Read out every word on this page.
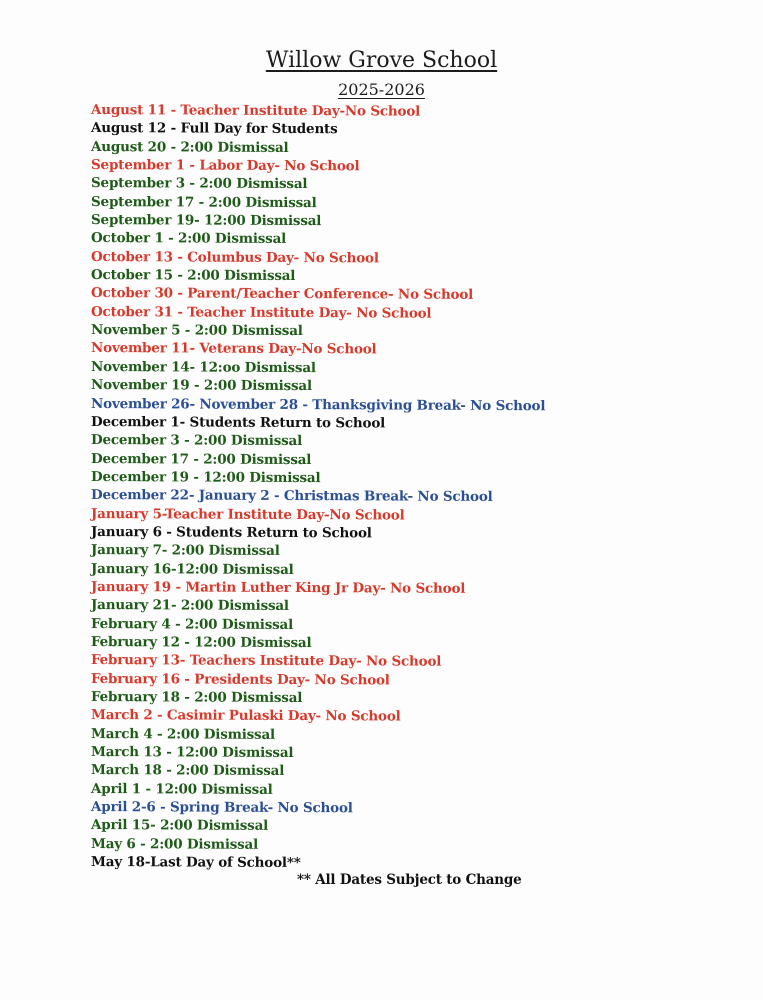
Willow Grove School
2025-2026
August 11 - Teacher Institute Day-No School
August 12 - Full Day for Students
August 20 - 2:00 Dismissal
September 1 - Labor Day- No School
September 3 - 2:00 Dismissal
September 17 - 2:00 Dismissal
September 19- 12:00 Dismissal
October 1 - 2:00 Dismissal
October 13 - Columbus Day- No School
October 15 - 2:00 Dismissal
October 30 - Parent/Teacher Conference- No School
October 31 - Teacher Institute Day- No School
November 5 - 2:00 Dismissal
November 11- Veterans Day-No School
November 14- 12:oo Dismissal
November 19 - 2:00 Dismissal
November 26- November 28 - Thanksgiving Break- No School
December 1- Students Return to School
December 3 - 2:00 Dismissal
December 17 - 2:00 Dismissal
December 19 - 12:00 Dismissal
December 22- January 2 - Christmas Break- No School
January 5-Teacher Institute Day-No School
January 6 - Students Return to School
January 7- 2:00 Dismissal
January 16-12:00 Dismissal
January 19 - Martin Luther King Jr Day- No School
January 21- 2:00 Dismissal
February 4 - 2:00 Dismissal
February 12 - 12:00 Dismissal
February 13- Teachers Institute Day- No School
February 16 - Presidents Day- No School
February 18 - 2:00 Dismissal
March 2 - Casimir Pulaski Day- No School
March 4 - 2:00 Dismissal
March 13 - 12:00 Dismissal
March 18 - 2:00 Dismissal
April 1 - 12:00 Dismissal
April 2-6 - Spring Break- No School
April 15- 2:00 Dismissal
May 6 - 2:00 Dismissal
May 18-Last Day of School**
** All Dates Subject to Change
